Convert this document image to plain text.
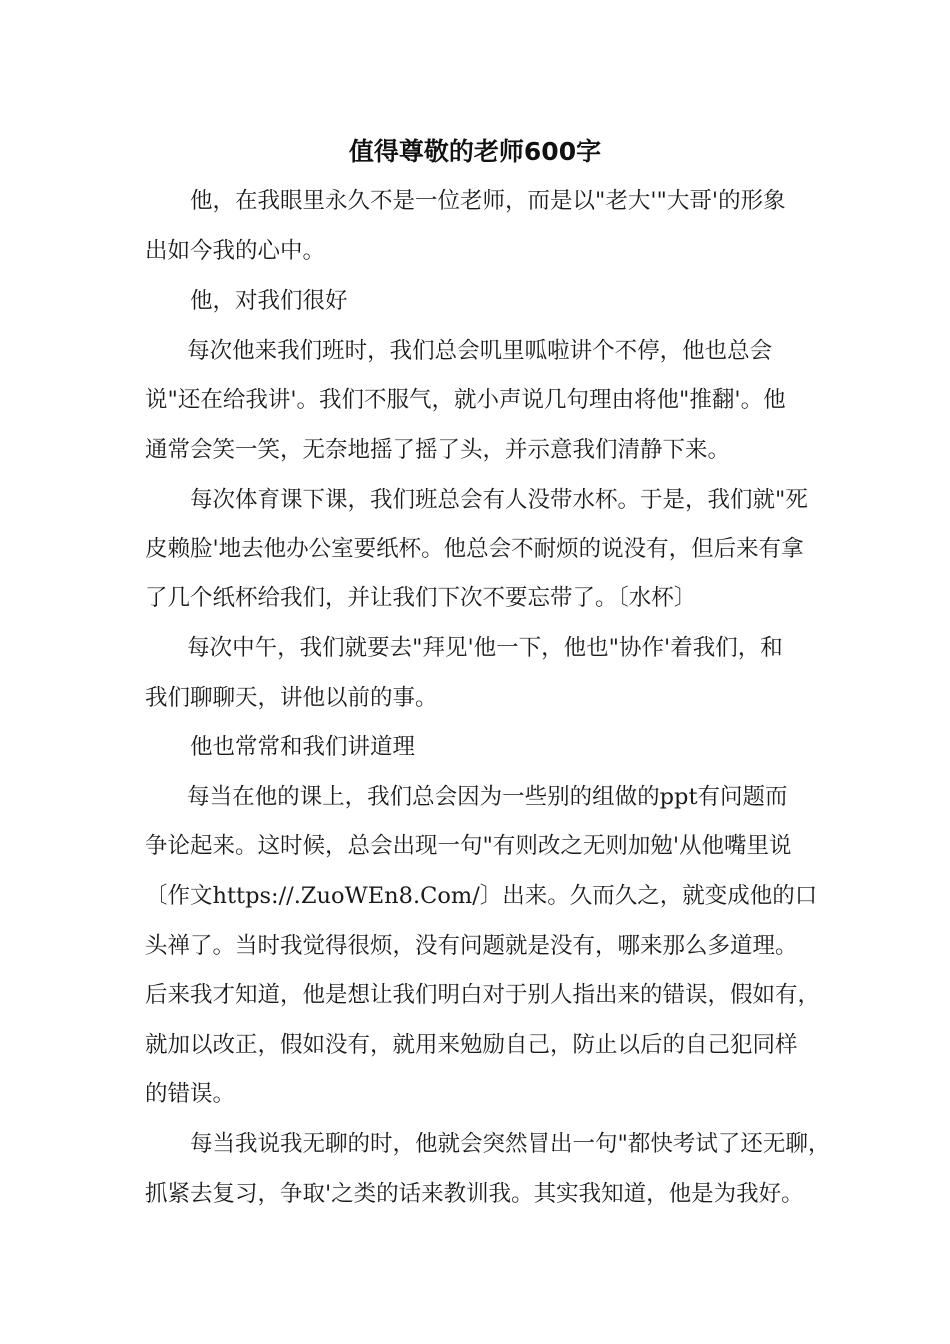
值得尊敬的老师600字
他，在我眼里永久不是一位老师，而是以"老大'"大哥'的形象
出如今我的心中。
他，对我们很好
每次他来我们班时，我们总会叽里呱啦讲个不停，他也总会
说"还在给我讲'。我们不服气，就小声说几句理由将他"推翻'。他
通常会笑一笑，无奈地摇了摇了头，并示意我们清静下来。
每次体育课下课，我们班总会有人没带水杯。于是，我们就"死
皮赖脸'地去他办公室要纸杯。他总会不耐烦的说没有，但后来有拿
了几个纸杯给我们，并让我们下次不要忘带了。〔水杯〕
每次中午，我们就要去"拜见'他一下，他也"协作'着我们，和
我们聊聊天，讲他以前的事。
他也常常和我们讲道理
每当在他的课上，我们总会因为一些别的组做的ppt有问题而
争论起来。这时候，总会出现一句"有则改之无则加勉'从他嘴里说
〔作文https://.ZuoWEn8.Com/〕出来。久而久之，就变成他的口
头禅了。当时我觉得很烦，没有问题就是没有，哪来那么多道理。
后来我才知道，他是想让我们明白对于别人指出来的错误，假如有，
就加以改正，假如没有，就用来勉励自己，防止以后的自己犯同样
的错误。
每当我说我无聊的时，他就会突然冒出一句"都快考试了还无聊，
抓紧去复习，争取'之类的话来教训我。其实我知道，他是为我好。
